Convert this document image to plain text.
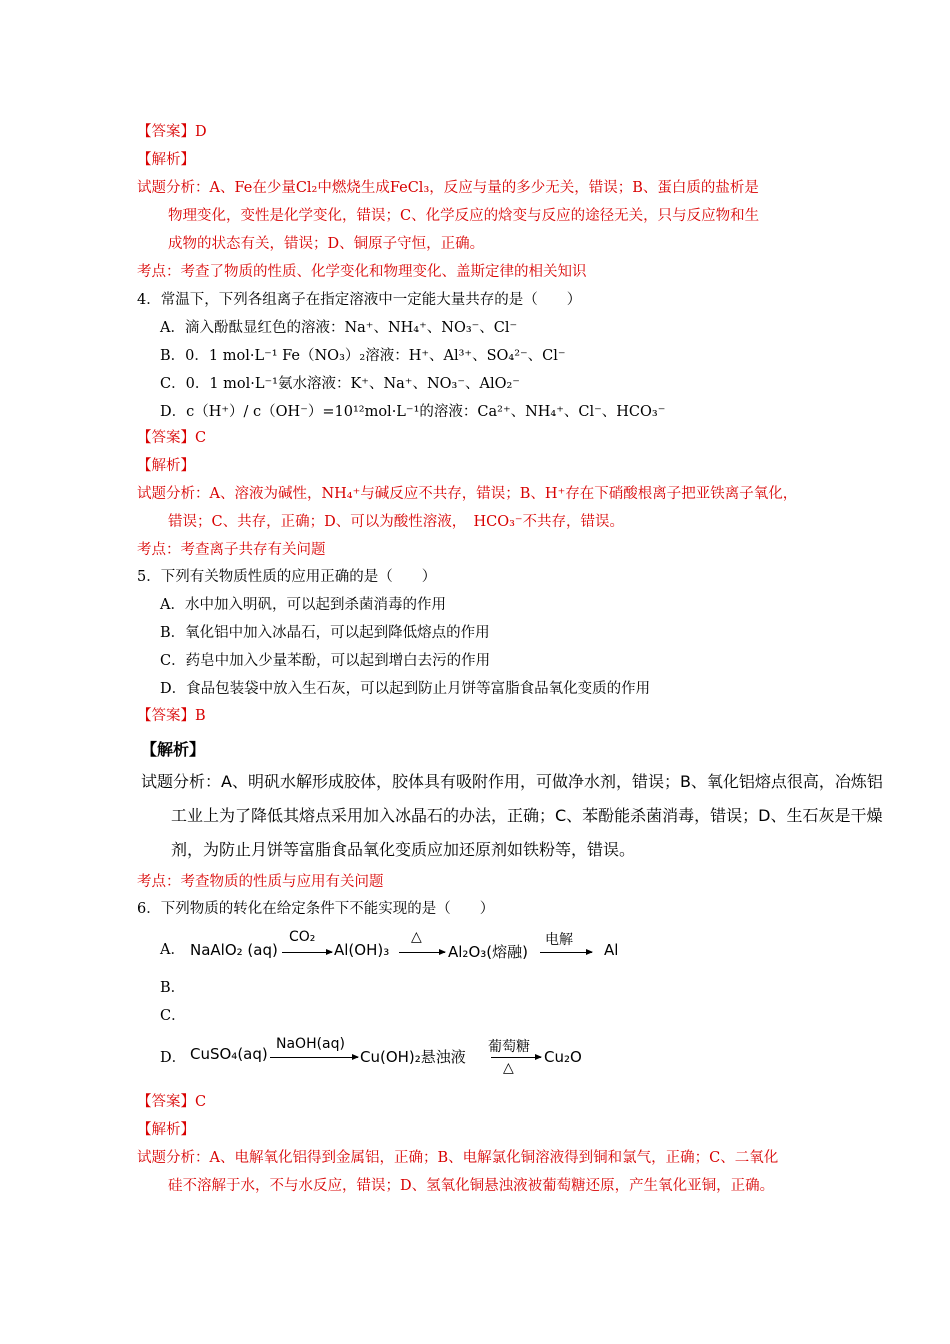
【答案】D
【解析】
试题分析：A、Fe在少量Cl₂中燃烧生成FeCl₃，反应与量的多少无关，错误；B、蛋白质的盐析是
物理变化，变性是化学变化，错误；C、化学反应的焓变与反应的途径无关，只与反应物和生
成物的状态有关，错误；D、铜原子守恒，正确。
考点：考查了物质的性质、化学变化和物理变化、盖斯定律的相关知识
4．常温下，下列各组离子在指定溶液中一定能大量共存的是（　　）
A．滴入酚酞显红色的溶液：Na⁺、NH₄⁺、NO₃⁻、Cl⁻
B．0．1 mol·L⁻¹ Fe（NO₃）₂溶液：H⁺、Al³⁺、SO₄²⁻、Cl⁻
C．0．1 mol·L⁻¹氨水溶液：K⁺、Na⁺、NO₃⁻、AlO₂⁻
D．c（H⁺）/ c（OH⁻）=10¹²mol·L⁻¹的溶液：Ca²⁺、NH₄⁺、Cl⁻、HCO₃⁻
【答案】C
【解析】
试题分析：A、溶液为碱性，NH₄⁺与碱反应不共存，错误；B、H⁺存在下硝酸根离子把亚铁离子氧化，
错误；C、共存，正确；D、可以为酸性溶液，　HCO₃⁻不共存，错误。
考点：考查离子共存有关问题
5．下列有关物质性质的应用正确的是（　　）
A．水中加入明矾，可以起到杀菌消毒的作用
B．氧化铝中加入冰晶石，可以起到降低熔点的作用
C．药皂中加入少量苯酚，可以起到增白去污的作用
D．食品包装袋中放入生石灰，可以起到防止月饼等富脂食品氧化变质的作用
【答案】B
【解析】
试题分析：A、明矾水解形成胶体，胶体具有吸附作用，可做净水剂，错误；B、氧化铝熔点很高，冶炼铝
工业上为了降低其熔点采用加入冰晶石的办法，正确；C、苯酚能杀菌消毒，错误；D、生石灰是干燥
剂，为防止月饼等富脂食品氧化变质应加还原剂如铁粉等，错误。
考点：考查物质的性质与应用有关问题
6．下列物质的转化在给定条件下不能实现的是（　　）
A． NaAlO₂ (aq)
CO₂
→ Al(OH)₃
△
→ Al₂O₃(熔融)
电解
→ Al
B．
C．
D． CuSO₄(aq)
NaOH(aq)
Cu(OH)₂悬浊液
葡萄糖
△
Cu₂O
【答案】C
【解析】
试题分析：A、电解氧化铝得到金属铝，正确；B、电解氯化铜溶液得到铜和氯气，正确；C、二氧化
硅不溶解于水，不与水反应，错误；D、氢氧化铜悬浊液被葡萄糖还原，产生氧化亚铜，正确。
